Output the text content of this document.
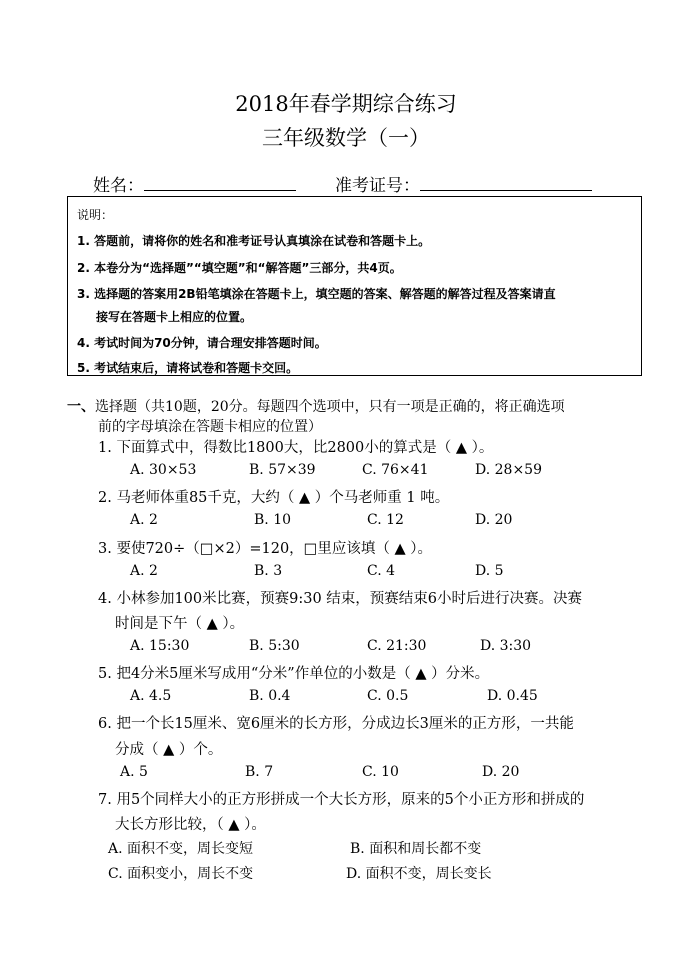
2018年春学期综合练习
三年级数学（一）
姓名：	准考证号：
说明：
1. 答题前，请将你的姓名和准考证号认真填涂在试卷和答题卡上。
2. 本卷分为“选择题”“填空题”和“解答题”三部分，共4页。
3. 选择题的答案用2B铅笔填涂在答题卡上，填空题的答案、解答题的解答过程及答案请直
接写在答题卡上相应的位置。
4. 考试时间为70分钟，请合理安排答题时间。
5. 考试结束后，请将试卷和答题卡交回。
一、选择题（共10题，20分。每题四个选项中，只有一项是正确的，将正确选项
前的字母填涂在答题卡相应的位置）
1. 下面算式中，得数比1800大，比2800小的算式是（ ▲ ）。
A. 30×53	B. 57×39	C. 76×41	D. 28×59
2. 马老师体重85千克，大约（ ▲ ）个马老师重 1 吨。
A. 2	B. 10	C. 12	D. 20
3. 要使720÷（□×2）=120，□里应该填（ ▲ ）。
A. 2	B. 3	C. 4	D. 5
4. 小林参加100米比赛，预赛9:30 结束，预赛结束6小时后进行决赛。决赛
时间是下午（ ▲ ）。
A. 15:30	B. 5:30	C. 21:30	D. 3:30
5. 把4分米5厘米写成用“分米”作单位的小数是（ ▲ ）分米。
A. 4.5	B. 0.4	C. 0.5	D. 0.45
6. 把一个长15厘米、宽6厘米的长方形，分成边长3厘米的正方形，一共能
分成（ ▲ ）个。
A. 5	B. 7	C. 10	D. 20
7. 用5个同样大小的正方形拼成一个大长方形，原来的5个小正方形和拼成的
大长方形比较，（ ▲ ）。
A. 面积不变，周长变短	B. 面积和周长都不变
C. 面积变小，周长不变	D. 面积不变，周长变长
